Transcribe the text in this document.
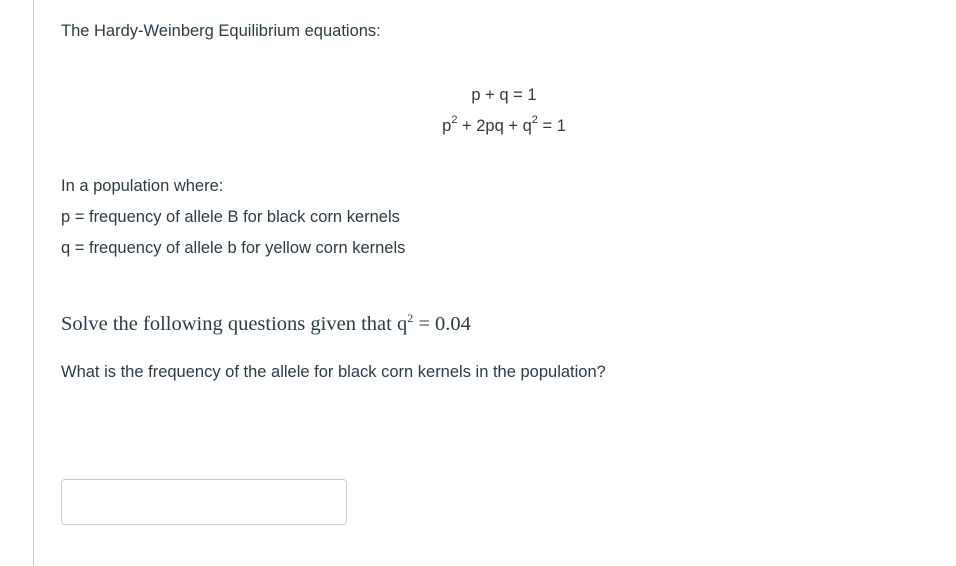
The Hardy-Weinberg Equilibrium equations:

p + q = 1
$p^2 + 2pq + q^2 = 1$
In a population where:
p = frequency of allele B for black corn kernels
q = frequency of allele b for yellow corn kernels
Solve the following questions given that $q^2 = 0.04$
What is the frequency of the allele for black corn kernels in the population?
